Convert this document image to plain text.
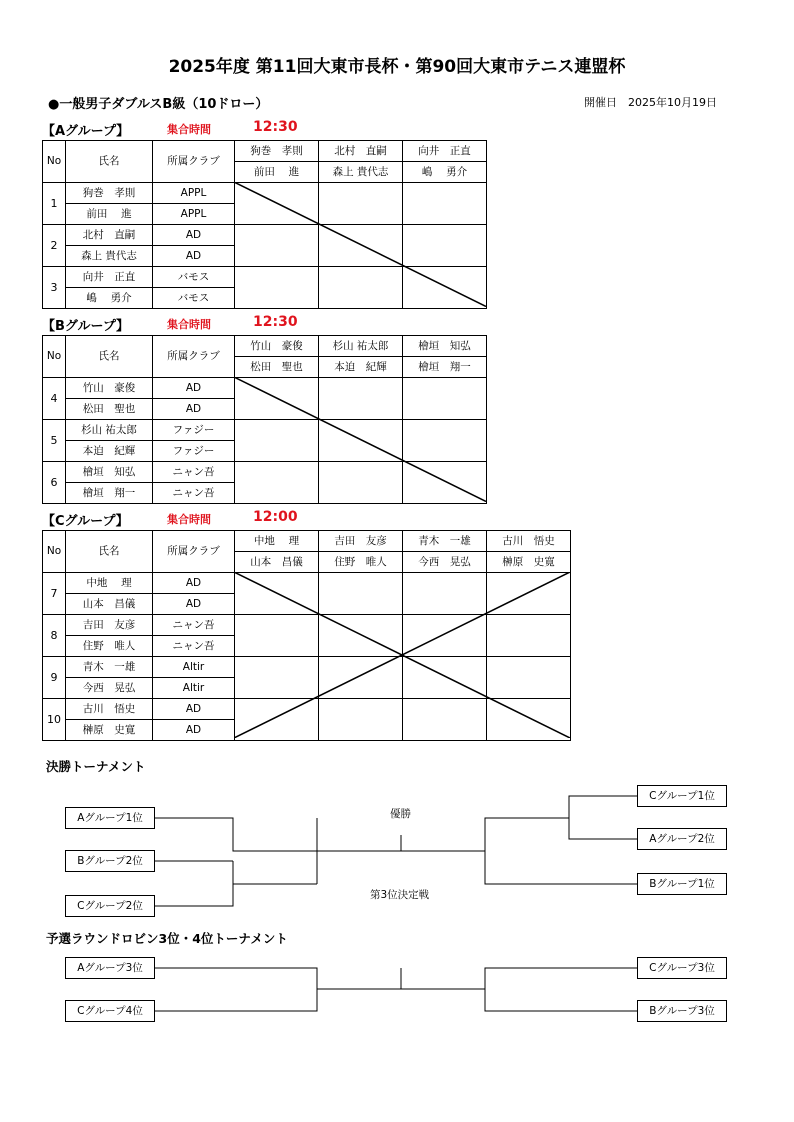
2025年度 第11回大東市長杯・第90回大東市テニス連盟杯
●一般男子ダブルスB級（10ドロー）	開催日　2025年10月19日
【Aグループ】	集合時間	12:30
No	氏名	所属クラブ	狗巻　孝則	北村　直嗣	向井　正直
			前田　 進	森上 貴代志	嶋　 勇介
1	狗巻　孝則	APPL			
	前田　 進	APPL			
2	北村　直嗣	AD			
	森上 貴代志	AD			
3	向井　正直	バモス			
	嶋　 勇介	バモス			
【Bグループ】	集合時間	12:30
No	氏名	所属クラブ	竹山　豪俊	杉山 祐太郎	檜垣　知弘
			松田　聖也	本迫　紀輝	檜垣　翔一
4	竹山　豪俊	AD			
	松田　聖也	AD			
5	杉山 祐太郎	ファジー			
	本迫　紀輝	ファジー			
6	檜垣　知弘	ニャン吾			
	檜垣　翔一	ニャン吾			
【Cグループ】	集合時間	12:00
No	氏名	所属クラブ	中地　 理	吉田　友彦	青木　一雄	古川　悟史
			山本　昌儀	住野　唯人	今西　晃弘	榊原　史寛
7	中地　 理	AD				
	山本　昌儀	AD				
8	吉田　友彦	ニャン吾				
	住野　唯人	ニャン吾				
9	青木　一雄	Altir				
	今西　晃弘	Altir				
10	古川　悟史	AD				
	榊原　史寛	AD				
決勝トーナメント
Aグループ1位
Bグループ2位
Cグループ2位
Cグループ1位
Aグループ2位
Bグループ1位
優勝
第3位決定戦
予選ラウンドロビン3位・4位トーナメント
Aグループ3位
Cグループ4位
Cグループ3位
Bグループ3位
